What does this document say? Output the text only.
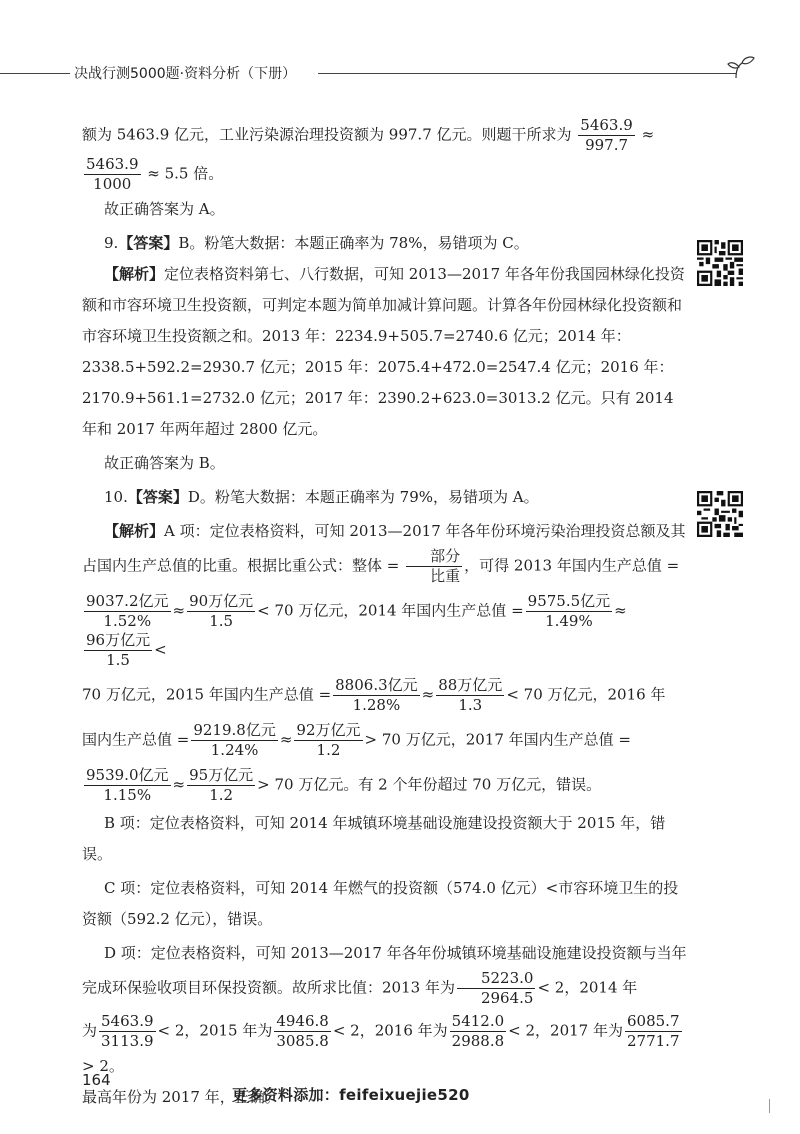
决战行测5000题·资料分析（下册）

额为 5463.9 亿元，工业污染源治理投资额为 997.7 亿元。则题干所求为 $\frac{5463.9}{997.7}$ ≈

$\frac{5463.9}{1000} \approx 5.5$ 倍。

故正确答案为 A。

9.【答案】B。粉笔大数据：本题正确率为 78%，易错项为 C。

【解析】定位表格资料第七、八行数据，可知 2013—2017 年各年份我国园林绿化投资额和市容环境卫生投资额，可判定本题为简单加减计算问题。计算各年份园林绿化投资额和市容环境卫生投资额之和。2013 年：2234.9+505.7=2740.6 亿元；2014 年：2338.5+592.2=2930.7 亿元；2015 年：2075.4+472.0=2547.4 亿元；2016 年：2170.9+561.1=2732.0 亿元；2017 年：2390.2+623.0=3013.2 亿元。只有 2014 年和 2017 年两年超过 2800 亿元。

故正确答案为 B。

10.【答案】D。粉笔大数据：本题正确率为 79%，易错项为 A。

【解析】A 项：定位表格资料，可知 2013—2017 年各年份环境污染治理投资总额及其占国内生产总值的比重。根据比重公式：整体 = $\frac{\text{部分}}{\text{比重}}$ ，可得 2013 年国内生产总值 =

$\frac{\text{9037.2亿元}}{1.52\%} \approx \frac{\text{90万亿元}}{1.5} < 70$ 万亿元，2014 年国内生产总值 = $\frac{\text{9575.5亿元}}{1.49\%}$ ≈
$\frac{\text{96万亿元}}{1.5}$ <

70 万亿元，2015 年国内生产总值 = $\frac{\text{8806.3亿元}}{1.28\%} \approx \frac{\text{88万亿元}}{1.3} < 70$ 万亿元，2016 年

国内生产总值 = $\frac{\text{9219.8亿元}}{1.24\%} \approx \frac{\text{92万亿元}}{1.2} > 70$ 万亿元，2017 年国内生产总值 =

$\frac{\text{9539.0亿元}}{1.15\%} \approx \frac{\text{95万亿元}}{1.2} > 70$ 万亿元。有 2 个年份超过 70 万亿元，错误。

B 项：定位表格资料，可知 2014 年城镇环境基础设施建设投资额大于 2015 年，错误。

C 项：定位表格资料，可知 2014 年燃气的投资额（574.0 亿元）<市容环境卫生的投资额（592.2 亿元），错误。

D 项：定位表格资料，可知 2013—2017 年各年份城镇环境基础设施建设投资额与当年完成环保验收项目环保投资额。故所求比值：2013 年为 $\frac{5223.0}{2964.5} < 2$，2014 年

为 $\frac{5463.9}{3113.9} < 2$，2015 年为 $\frac{4946.8}{3085.8} < 2$，2016 年为 $\frac{5412.0}{2988.8} < 2$，2017 年为 $\frac{6085.7}{2771.7}$
> 2。

最高年份为 2017 年，正确。

164
更多资料添加：feifeixuejie520
